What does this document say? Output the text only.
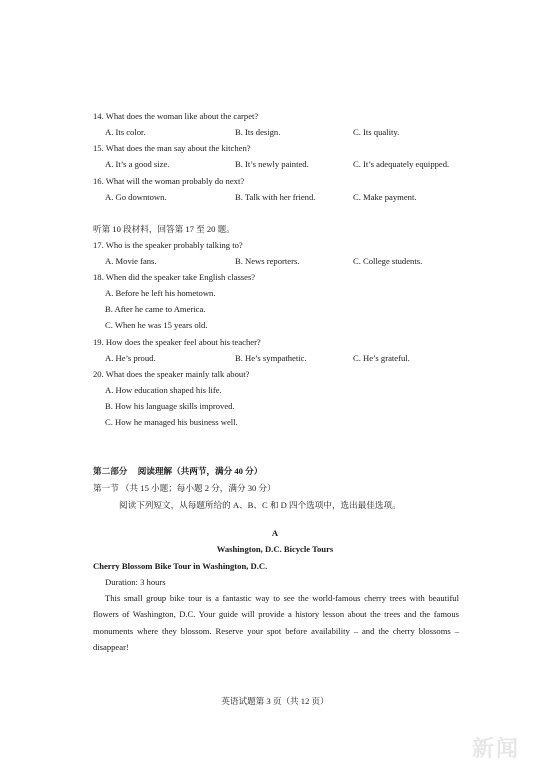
14. What does the woman like about the carpet?
A. Its color.	B. Its design.	C. Its quality.
15. What does the man say about the kitchen?
A. It’s a good size.	B. It’s newly painted.	C. It’s adequately equipped.
16. What will the woman probably do next?
A. Go downtown.	B. Talk with her friend.	C. Make payment.
听第 10 段材料，回答第 17 至 20 题。
17. Who is the speaker probably talking to?
A. Movie fans.	B. News reporters.	C. College students.
18. When did the speaker take English classes?
A. Before he left his hometown.
B. After he came to America.
C. When he was 15 years old.
19. How does the speaker feel about his teacher?
A. He’s proud.	B. He’s sympathetic.	C. He’s grateful.
20. What does the speaker mainly talk about?
A. How education shaped his life.
B. How his language skills improved.
C. How he managed his business well.
第二部分 阅读理解（共两节，满分 40 分）
第一节 （共 15 小题；每小题 2 分，满分 30 分）
阅读下列短文，从每题所给的 A、B、C 和 D 四个选项中，选出最佳选项。
A
Washington, D.C. Bicycle Tours
Cherry Blossom Bike Tour in Washington, D.C.
Duration: 3 hours
This small group bike tour is a fantastic way to see the world-famous cherry trees with beautiful flowers of Washington, D.C. Your guide will provide a history lesson about the trees and the famous monuments where they blossom. Reserve your spot before availability – and the cherry blossoms – disappear!
英语试题第 3 页（共 12 页）
新闻
